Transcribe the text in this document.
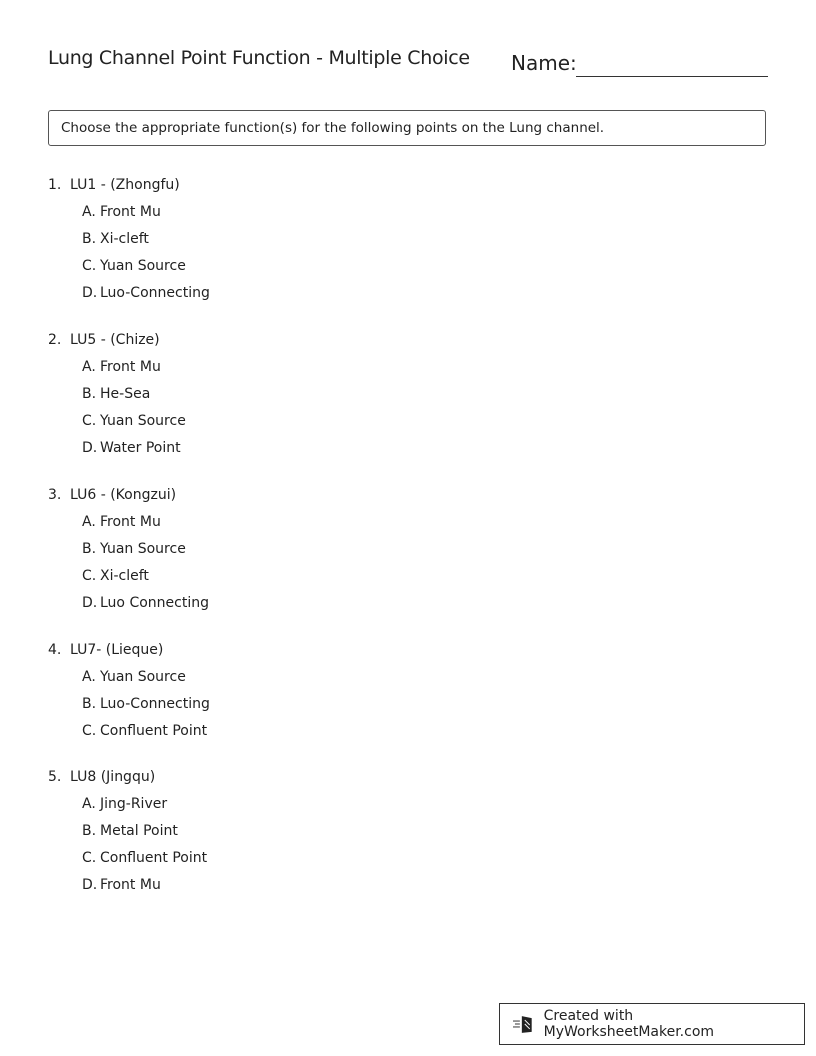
Lung Channel Point Function - Multiple Choice Name:
Choose the appropriate function(s) for the following points on the Lung channel.
1. LU1 - (Zhongfu)
A. Front Mu
B. Xi-cleft
C. Yuan Source
D. Luo-Connecting
2. LU5 - (Chize)
A. Front Mu
B. He-Sea
C. Yuan Source
D. Water Point
3. LU6 - (Kongzui)
A. Front Mu
B. Yuan Source
C. Xi-cleft
D. Luo Connecting
4. LU7- (Lieque)
A. Yuan Source
B. Luo-Connecting
C. Confluent Point
5. LU8 (Jingqu)
A. Jing-River
B. Metal Point
C. Confluent Point
D. Front Mu
Created with MyWorksheetMaker.com
